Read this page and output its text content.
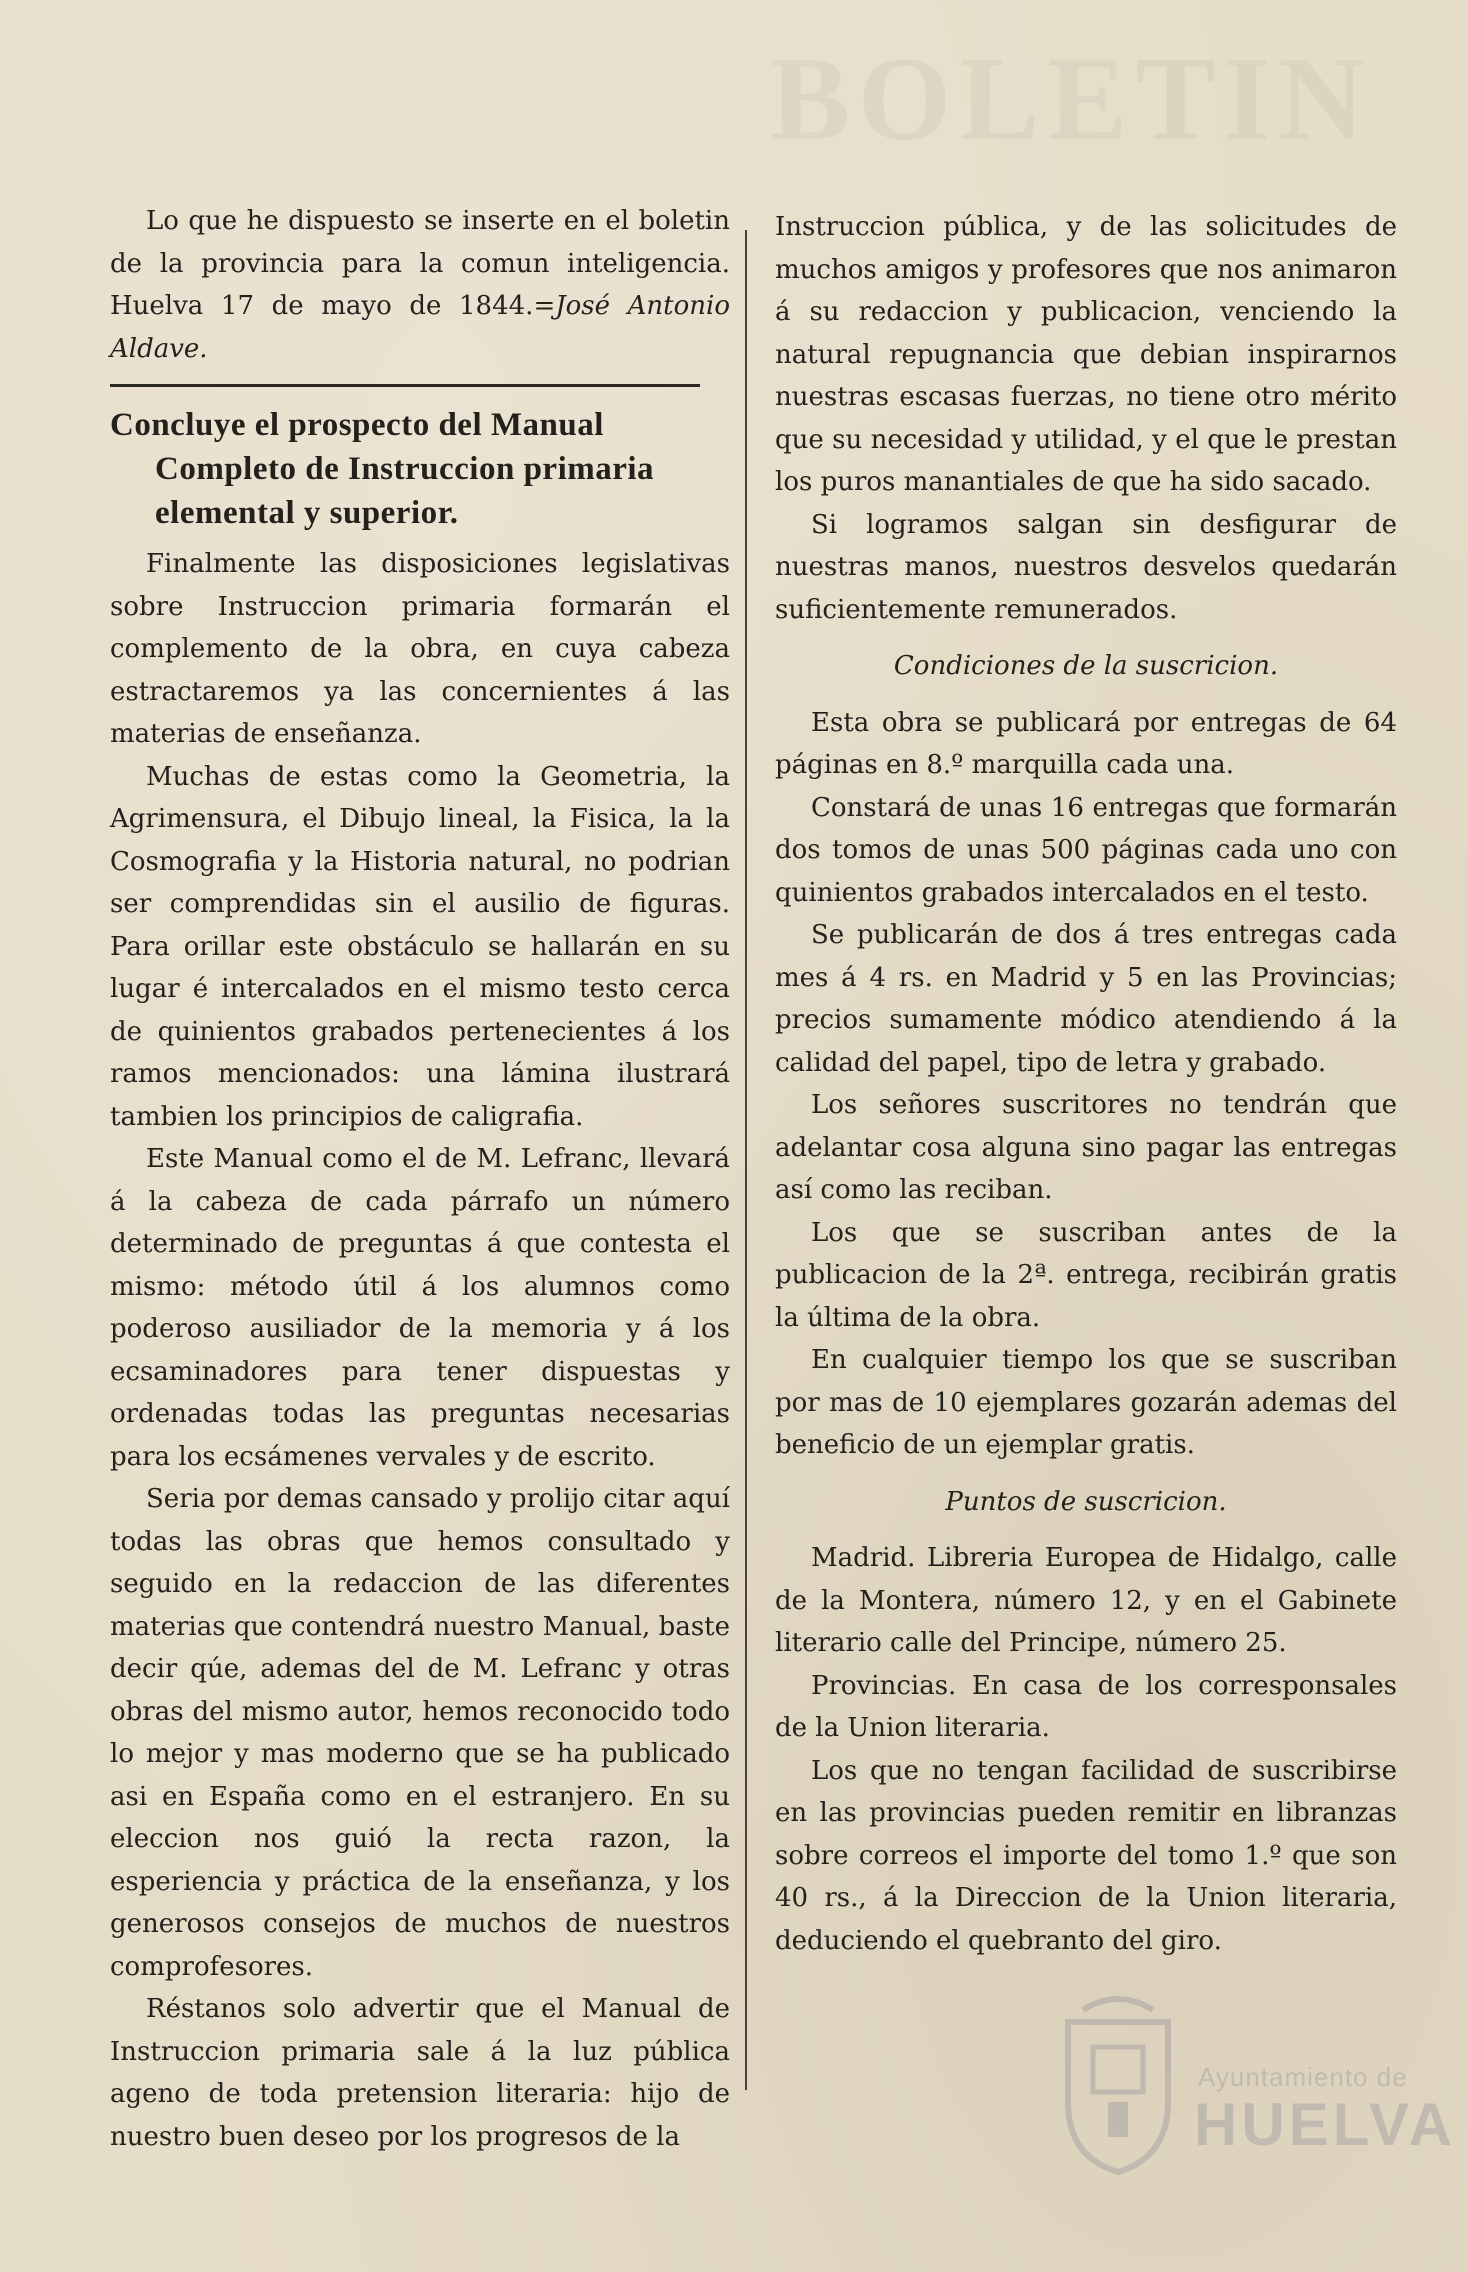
BOLETIN

Lo que he dispuesto se inserte en el boletin de la provincia para la comun inteligencia. Huelva 17 de mayo de 1844.=José Antonio Aldave.

Concluye el prospecto del Manual Completo de Instruccion primaria elemental y superior.

Finalmente las disposiciones legislativas sobre Instruccion primaria formarán el complemento de la obra, en cuya cabeza estractaremos ya las concernientes á las materias de enseñanza.

Muchas de estas como la Geometria, la Agrimensura, el Dibujo lineal, la Fisica, la la Cosmografia y la Historia natural, no podrian ser comprendidas sin el ausilio de figuras. Para orillar este obstáculo se hallarán en su lugar é intercalados en el mismo testo cerca de quinientos grabados pertenecientes á los ramos mencionados: una lámina ilustrará tambien los principios de caligrafia.

Este Manual como el de M. Lefranc, llevará á la cabeza de cada párrafo un número determinado de preguntas á que contesta el mismo: método útil á los alumnos como poderoso ausiliador de la memoria y á los ecsaminadores para tener dispuestas y ordenadas todas las preguntas necesarias para los ecsámenes vervales y de escrito.

Seria por demas cansado y prolijo citar aquí todas las obras que hemos consultado y seguido en la redaccion de las diferentes materias que contendrá nuestro Manual, baste decir qúe, ademas del de M. Lefranc y otras obras del mismo autor, hemos reconocido todo lo mejor y mas moderno que se ha publicado asi en España como en el estranjero. En su eleccion nos guió la recta razon, la esperiencia y práctica de la enseñanza, y los generosos consejos de muchos de nuestros comprofesores.

Réstanos solo advertir que el Manual de Instruccion primaria sale á la luz pública ageno de toda pretension literaria: hijo de nuestro buen deseo por los progresos de la

Instruccion pública, y de las solicitudes de muchos amigos y profesores que nos animaron á su redaccion y publicacion, venciendo la natural repugnancia que debian inspirarnos nuestras escasas fuerzas, no tiene otro mérito que su necesidad y utilidad, y el que le prestan los puros manantiales de que ha sido sacado.

Si logramos salgan sin desfigurar de nuestras manos, nuestros desvelos quedarán suficientemente remunerados.

Condiciones de la suscricion.

Esta obra se publicará por entregas de 64 páginas en 8.º marquilla cada una.

Constará de unas 16 entregas que formarán dos tomos de unas 500 páginas cada uno con quinientos grabados intercalados en el testo.

Se publicarán de dos á tres entregas cada mes á 4 rs. en Madrid y 5 en las Provincias; precios sumamente módico atendiendo á la calidad del papel, tipo de letra y grabado.

Los señores suscritores no tendrán que adelantar cosa alguna sino pagar las entregas así como las reciban.

Los que se suscriban antes de la publicacion de la 2ª. entrega, recibirán gratis la última de la obra.

En cualquier tiempo los que se suscriban por mas de 10 ejemplares gozarán ademas del beneficio de un ejemplar gratis.

Puntos de suscricion.

Madrid. Libreria Europea de Hidalgo, calle de la Montera, número 12, y en el Gabinete literario calle del Principe, número 25.

Provincias. En casa de los corresponsales de la Union literaria.

Los que no tengan facilidad de suscribirse en las provincias pueden remitir en libranzas sobre correos el importe del tomo 1.º que son 40 rs., á la Direccion de la Union literaria, deduciendo el quebranto del giro.

Ayuntamiento de
HUELVA
